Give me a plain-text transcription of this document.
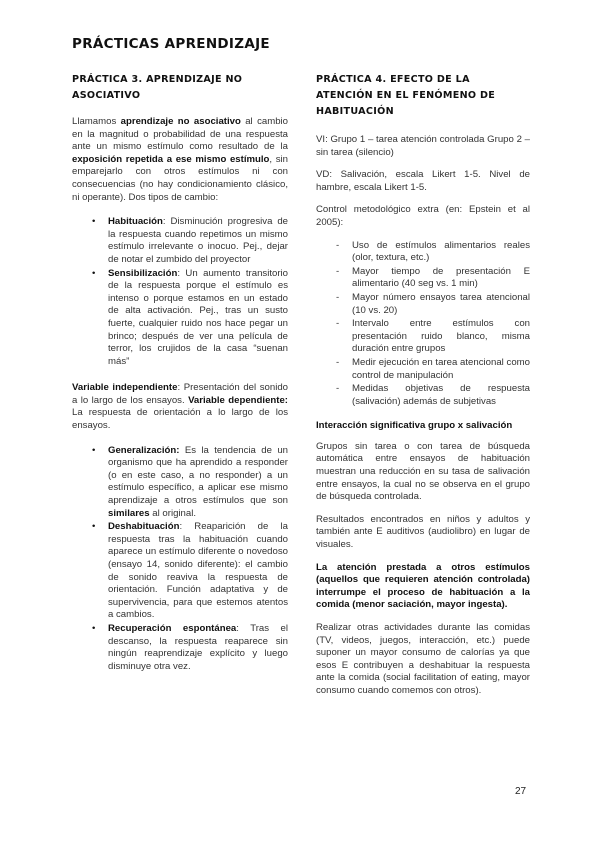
PRÁCTICAS APRENDIZAJE
PRÁCTICA 3. APRENDIZAJE NO ASOCIATIVO

Llamamos aprendizaje no asociativo al cambio en la magnitud o probabilidad de una respuesta ante un mismo estímulo como resultado de la exposición repetida a ese mismo estímulo, sin emparejarlo con otros estímulos ni con consecuencias (no hay condicionamiento clásico, ni operante). Dos tipos de cambio:

• Habituación: Disminución progresiva de la respuesta cuando repetimos un mismo estímulo irrelevante o inocuo. Pej., dejar de notar el zumbido del proyector
• Sensibilización: Un aumento transitorio de la respuesta porque el estímulo es intenso o porque estamos en un estado de alta activación. Pej., tras un susto fuerte, cualquier ruido nos hace pegar un brinco; después de ver una película de terror, los crujidos de la casa “suenan más”

Variable independiente: Presentación del sonido a lo largo de los ensayos. Variable dependiente: La respuesta de orientación a lo largo de los ensayos.

• Generalización: Es la tendencia de un organismo que ha aprendido a responder (o en este caso, a no responder) a un estímulo específico, a aplicar ese mismo aprendizaje a otros estímulos que son similares al original.
• Deshabituación: Reaparición de la respuesta tras la habituación cuando aparece un estímulo diferente o novedoso (ensayo 14, sonido diferente): el cambio de sonido reaviva la respuesta de orientación. Función adaptativa y de supervivencia, para que estemos atentos a cambios.
• Recuperación espontánea: Tras el descanso, la respuesta reaparece sin ningún reaprendizaje explícito y luego disminuye otra vez.
PRÁCTICA 4. EFECTO DE LA ATENCIÓN EN EL FENÓMENO DE HABITUACIÓN

VI: Grupo 1 – tarea atención controlada Grupo 2 – sin tarea (silencio)

VD: Salivación, escala Likert 1-5. Nivel de hambre, escala Likert 1-5.

Control metodológico extra (en: Epstein et al 2005):

- Uso de estímulos alimentarios reales (olor, textura, etc.)
- Mayor tiempo de presentación E alimentario (40 seg vs. 1 min)
- Mayor número ensayos tarea atencional (10 vs. 20)
- Intervalo entre estímulos con presentación ruido blanco, misma duración entre grupos
- Medir ejecución en tarea atencional como control de manipulación
- Medidas objetivas de respuesta (salivación) además de subjetivas
Interacción significativa grupo x salivación

Grupos sin tarea o con tarea de búsqueda automática entre ensayos de habituación muestran una reducción en su tasa de salivación entre ensayos, la cual no se observa en el grupo de búsqueda controlada.

Resultados encontrados en niños y adultos y también ante E auditivos (audiolibro) en lugar de visuales.

La atención prestada a otros estímulos (aquellos que requieren atención controlada) interrumpe el proceso de habituación a la comida (menor saciación, mayor ingesta).

Realizar otras actividades durante las comidas (TV, videos, juegos, interacción, etc.) puede suponer un mayor consumo de calorías ya que esos E contribuyen a deshabituar la respuesta ante la comida (social facilitation of eating, mayor consumo cuando comemos con otros).

27
